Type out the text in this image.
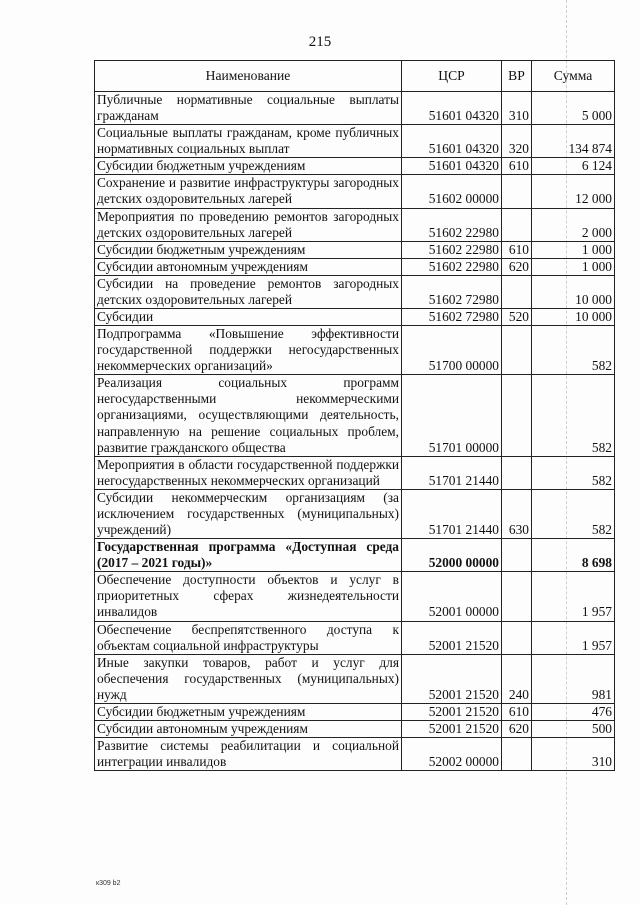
215
Наименование	ЦСР	ВР	Сумма
Публичные нормативные социальные выплаты гражданам	51601 04320	310	5 000
Социальные выплаты гражданам, кроме публичных нормативных социальных выплат	51601 04320	320	134 874
Субсидии бюджетным учреждениям	51601 04320	610	6 124
Сохранение и развитие инфраструктуры загородных детских оздоровительных лагерей	51602 00000		12 000
Мероприятия по проведению ремонтов загородных детских оздоровительных лагерей	51602 22980		2 000
Субсидии бюджетным учреждениям	51602 22980	610	1 000
Субсидии автономным учреждениям	51602 22980	620	1 000
Субсидии на проведение ремонтов загородных детских оздоровительных лагерей	51602 72980		10 000
Субсидии	51602 72980	520	10 000
Подпрограмма «Повышение эффективности государственной поддержки негосударственных некоммерческих организаций»	51700 00000		582
Реализация социальных программ негосударственными некоммерческими организациями, осуществляющими деятельность, направленную на решение социальных проблем, развитие гражданского общества	51701 00000		582
Мероприятия в области государственной поддержки негосударственных некоммерческих организаций	51701 21440		582
Субсидии некоммерческим организациям (за исключением государственных (муниципальных) учреждений)	51701 21440	630	582
Государственная программа «Доступная среда (2017 – 2021 годы)»	52000 00000		8 698
Обеспечение доступности объектов и услуг в приоритетных сферах жизнедеятельности инвалидов	52001 00000		1 957
Обеспечение беспрепятственного доступа к объектам социальной инфраструктуры	52001 21520		1 957
Иные закупки товаров, работ и услуг для обеспечения государственных (муниципальных) нужд	52001 21520	240	981
Субсидии бюджетным учреждениям	52001 21520	610	476
Субсидии автономным учреждениям	52001 21520	620	500
Развитие системы реабилитации и социальной интеграции инвалидов	52002 00000		310
к309 b2
